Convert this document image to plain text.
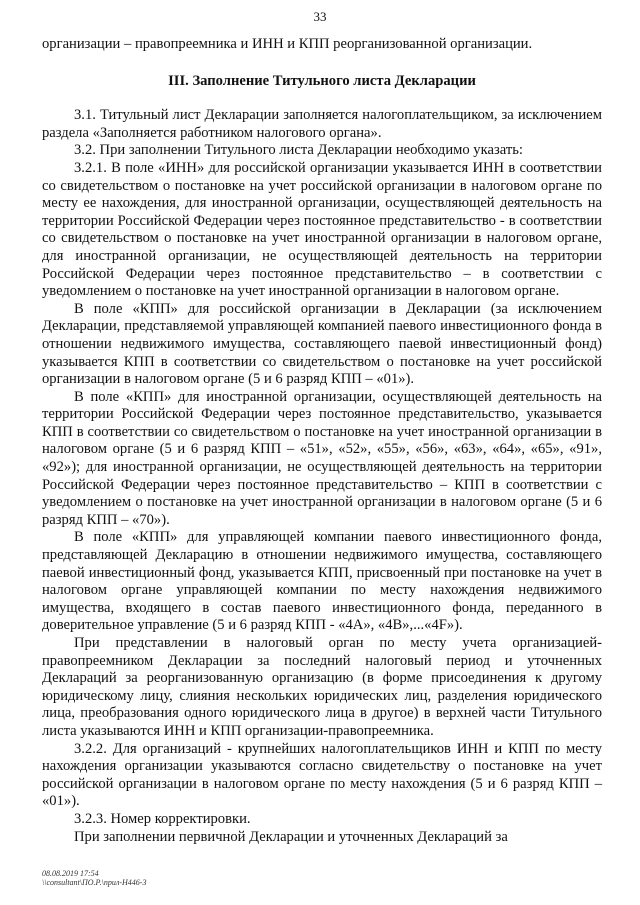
33

организации – правопреемника и ИНН и КПП реорганизованной организации.

III. Заполнение Титульного листа Декларации

3.1. Титульный лист Декларации заполняется налогоплательщиком, за исключением раздела «Заполняется работником налогового органа».

3.2. При заполнении Титульного листа Декларации необходимо указать:

3.2.1. В поле «ИНН» для российской организации указывается ИНН в соответствии со свидетельством о постановке на учет российской организации в налоговом органе по месту ее нахождения, для иностранной организации, осуществляющей деятельность на территории Российской Федерации через постоянное представительство - в соответствии со свидетельством о постановке на учет иностранной организации в налоговом органе, для иностранной организации, не осуществляющей деятельность на территории Российской Федерации через постоянное представительство – в соответствии с уведомлением о постановке на учет иностранной организации в налоговом органе.

В поле «КПП» для российской организации в Декларации (за исключением Декларации, представляемой управляющей компанией паевого инвестиционного фонда в отношении недвижимого имущества, составляющего паевой инвестиционный фонд) указывается КПП в соответствии со свидетельством о постановке на учет российской организации в налоговом органе (5 и 6 разряд КПП – «01»).

В поле «КПП» для иностранной организации, осуществляющей деятельность на территории Российской Федерации через постоянное представительство, указывается КПП в соответствии со свидетельством о постановке на учет иностранной организации в налоговом органе (5 и 6 разряд КПП – «51», «52», «55», «56», «63», «64», «65», «91», «92»); для иностранной организации, не осуществляющей деятельность на территории Российской Федерации через постоянное представительство – КПП в соответствии с уведомлением о постановке на учет иностранной организации в налоговом органе (5 и 6 разряд КПП – «70»).

В поле «КПП» для управляющей компании паевого инвестиционного фонда, представляющей Декларацию в отношении недвижимого имущества, составляющего паевой инвестиционный фонд, указывается КПП, присвоенный при постановке на учет в налоговом органе управляющей компании по месту нахождения недвижимого имущества, входящего в состав паевого инвестиционного фонда, переданного в доверительное управление (5 и 6 разряд КПП - «4А», «4В»,...«4F»).

При представлении в налоговый орган по месту учета организацией-правопреемником Декларации за последний налоговый период и уточненных Деклараций за реорганизованную организацию (в форме присоединения к другому юридическому лицу, слияния нескольких юридических лиц, разделения юридического лица, преобразования одного юридического лица в другое) в верхней части Титульного листа указываются ИНН и КПП организации-правопреемника.

3.2.2. Для организаций - крупнейших налогоплательщиков ИНН и КПП по месту нахождения организации указываются согласно свидетельству о постановке на учет российской организации в налоговом органе по месту нахождения (5 и 6 разряд КПП – «01»).

3.2.3. Номер корректировки.

При заполнении первичной Декларации и уточненных Деклараций за

08.08.2019 17:54
\\consultant\ПО.Р.\прил-Н446-3
